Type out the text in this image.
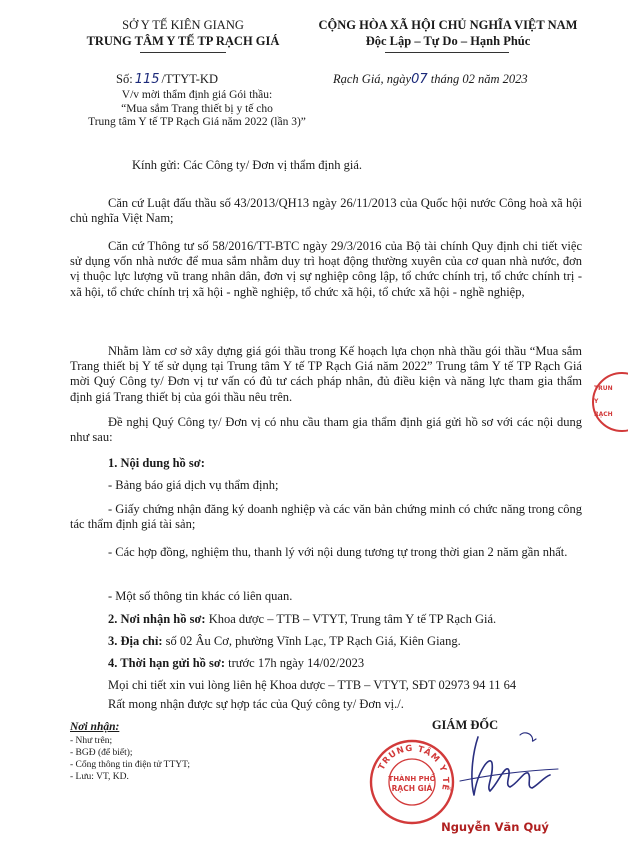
SỞ Y TẾ KIÊN GIANG
TRUNG TÂM Y TẾ TP RẠCH GIÁ
CỘNG HÒA XÃ HỘI CHỦ NGHĨA VIỆT NAM
Độc Lập – Tự Do – Hạnh Phúc
Số: 115 /TTYT-KD	Rạch Giá, ngày07 tháng 02 năm 2023
V/v mời thẩm định giá Gói thầu:
“Mua sắm Trang thiết bị y tế cho
Trung tâm Y tế TP Rạch Giá năm 2022 (lần 3)”
Kính gửi: Các Công ty/ Đơn vị thẩm định giá.
Căn cứ Luật đấu thầu số 43/2013/QH13 ngày 26/11/2013 của Quốc hội nước Công hoà xã hội chủ nghĩa Việt Nam;
Căn cứ Thông tư số 58/2016/TT-BTC ngày 29/3/2016 của Bộ tài chính Quy định chi tiết việc sử dụng vốn nhà nước để mua sắm nhằm duy trì hoạt động thường xuyên của cơ quan nhà nước, đơn vị thuộc lực lượng vũ trang nhân dân, đơn vị sự nghiệp công lập, tổ chức chính trị, tổ chức chính trị - xã hội, tổ chức chính trị xã hội - nghề nghiệp, tổ chức xã hội, tổ chức xã hội - nghề nghiệp,
Nhằm làm cơ sở xây dựng giá gói thầu trong Kế hoạch lựa chọn nhà thầu gói thầu “Mua sắm Trang thiết bị Y tế sử dụng tại Trung tâm Y tế TP Rạch Giá năm 2022” Trung tâm Y tế TP Rạch Giá mời Quý Công ty/ Đơn vị tư vấn có đủ tư cách pháp nhân, đủ điều kiện và năng lực tham gia thẩm định giá Trang thiết bị của gói thầu nêu trên.
Đề nghị Quý Công ty/ Đơn vị có nhu cầu tham gia thẩm định giá gửi hồ sơ với các nội dung như sau:
1. Nội dung hồ sơ:
- Bảng báo giá dịch vụ thẩm định;
- Giấy chứng nhận đăng ký doanh nghiệp và các văn bản chứng minh có chức năng trong công tác thẩm định giá tài sản;
- Các hợp đồng, nghiệm thu, thanh lý với nội dung tương tự trong thời gian 2 năm gần nhất.
- Một số thông tin khác có liên quan.
2. Nơi nhận hồ sơ: Khoa dược – TTB – VTYT, Trung tâm Y tế TP Rạch Giá.
3. Địa chỉ: số 02 Âu Cơ, phường Vĩnh Lạc, TP Rạch Giá, Kiên Giang.
4. Thời hạn gửi hồ sơ: trước 17h ngày 14/02/2023
Mọi chi tiết xin vui lòng liên hệ Khoa dược – TTB – VTYT, SĐT 02973 94 11 64
Rất mong nhận được sự hợp tác của Quý công ty/ Đơn vị./.
Nơi nhận:
- Như trên;
- BGĐ (để biết);
- Cổng thông tin điện tử TTYT;
- Lưu: VT, KD.
GIÁM ĐỐC
TRUNG TÂM Y TẾ
THÀNH PHỐ
RẠCH GIÁ
Nguyễn Văn Quý
TRUN
Y
RẠCH
